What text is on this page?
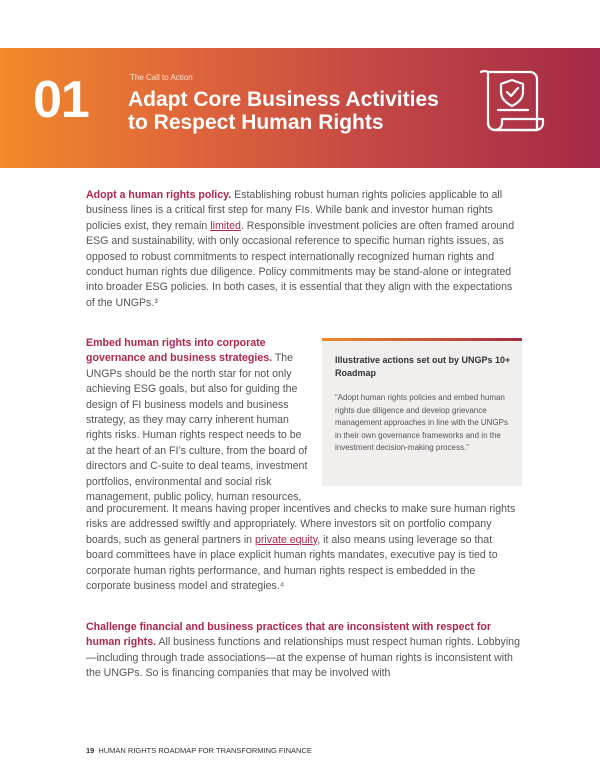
01	The Call to Action
Adapt Core Business Activities
to Respect Human Rights
Adopt a human rights policy. Establishing robust human rights policies applicable to all business lines is a critical first step for many FIs. While bank and investor human rights policies exist, they remain limited. Responsible investment policies are often framed around ESG and sustainability, with only occasional reference to specific human rights issues, as opposed to robust commitments to respect internationally recognized human rights and conduct human rights due diligence. Policy commitments may be stand-alone or integrated into broader ESG policies. In both cases, it is essential that they align with the expectations of the UNGPs.³
Embed human rights into corporate governance and business strategies. The UNGPs should be the north star for not only achieving ESG goals, but also for guiding the design of FI business models and business strategy, as they may carry inherent human rights risks. Human rights respect needs to be at the heart of an FI’s culture, from the board of directors and C-suite to deal teams, investment portfolios, environmental and social risk management, public policy, human resources,
Illustrative actions set out by UNGPs 10+ Roadmap
“Adopt human rights policies and embed human rights due diligence and develop grievance management approaches in line with the UNGPs in their own governance frameworks and in the investment decision-making process.”
and procurement. It means having proper incentives and checks to make sure human rights risks are addressed swiftly and appropriately. Where investors sit on portfolio company boards, such as general partners in private equity, it also means using leverage so that board committees have in place explicit human rights mandates, executive pay is tied to corporate human rights performance, and human rights respect is embedded in the corporate business model and strategies.⁴
Challenge financial and business practices that are inconsistent with respect for human rights. All business functions and relationships must respect human rights. Lobbying—including through trade associations—at the expense of human rights is inconsistent with the UNGPs. So is financing companies that may be involved with
19 HUMAN RIGHTS ROADMAP FOR TRANSFORMING FINANCE
